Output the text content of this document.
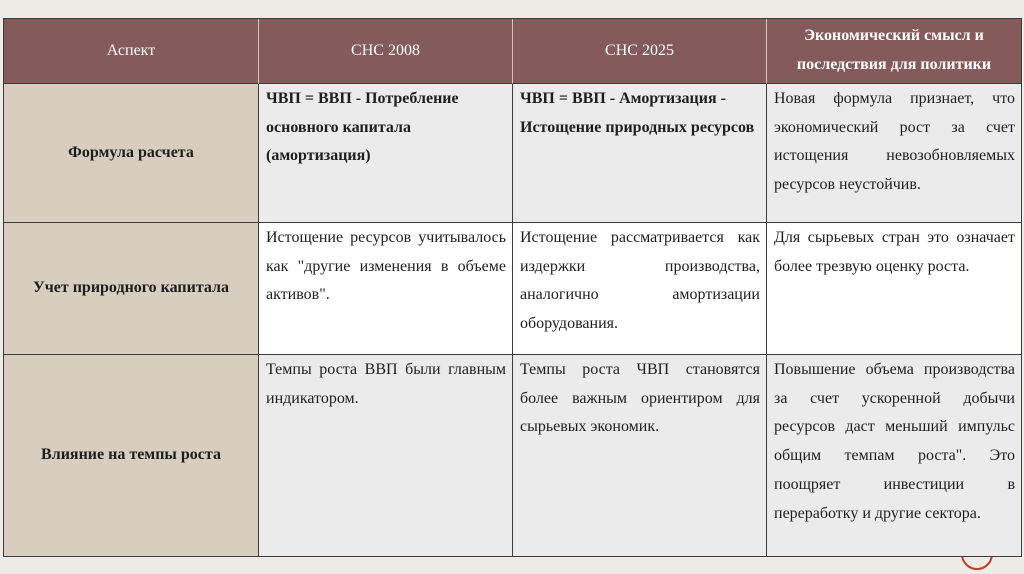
Аспект	СНС 2008	СНС 2025
Экономический смысл и последствия для политики
Формула расчета
ЧВП = ВВП - Потребление основного капитала (амортизация)
ЧВП = ВВП - Амортизация - Истощение природных ресурсов
Новая формула признает, что экономический рост за счет истощения невозобновляемых ресурсов неустойчив.
Учет природного капитала
Истощение ресурсов учитывалось как "другие изменения в объеме активов".
Истощение рассматривается как издержки производства, аналогично амортизации оборудования.
Для сырьевых стран это означает более трезвую оценку роста.
Влияние на темпы роста
Темпы роста ВВП были главным индикатором.
Темпы роста ЧВП становятся более важным ориентиром для сырьевых экономик.
Повышение объема производства за счет ускоренной добычи ресурсов даст меньший импульс общим темпам роста". Это поощряет инвестиции в переработку и другие сектора.
